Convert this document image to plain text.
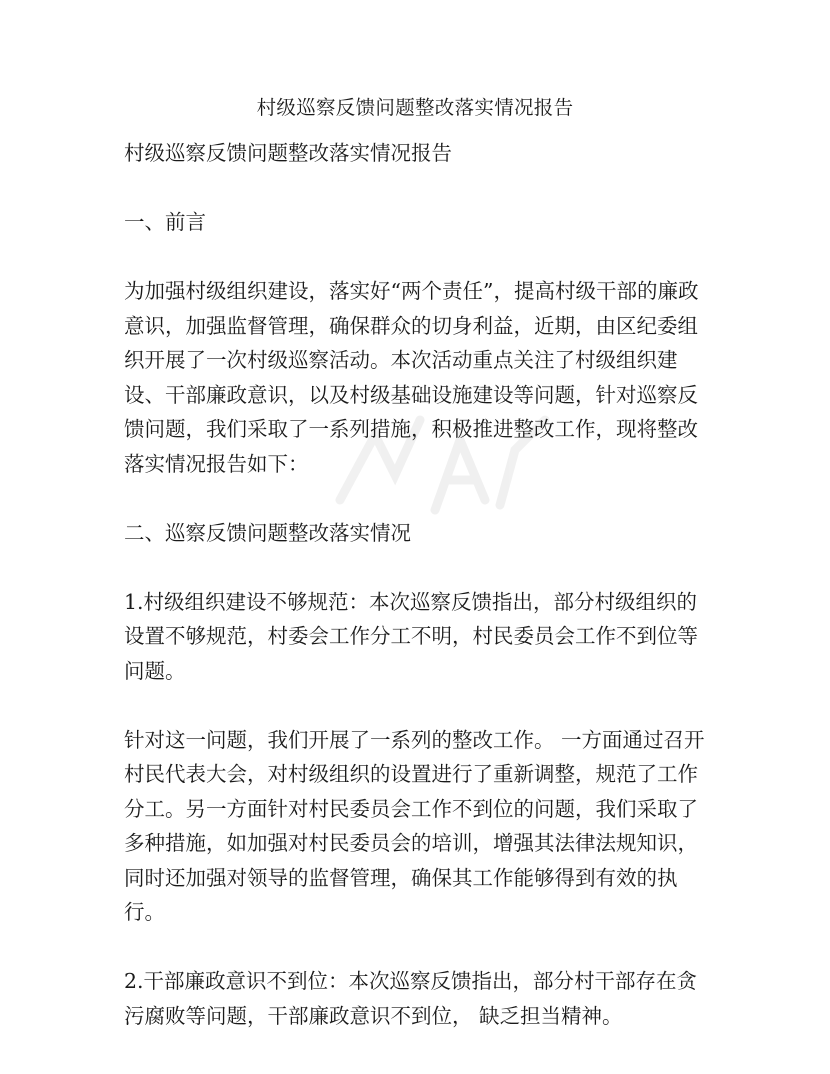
村级巡察反馈问题整改落实情况报告

村级巡察反馈问题整改落实情况报告

一、前言

为加强村级组织建设，落实好“两个责任”，提高村级干部的廉政意识，加强监督管理，确保群众的切身利益，近期，由区纪委组织开展了一次村级巡察活动。本次活动重点关注了村级组织建设、干部廉政意识，以及村级基础设施建设等问题，针对巡察反馈问题，我们采取了一系列措施，积极推进整改工作，现将整改落实情况报告如下：

二、巡察反馈问题整改落实情况

1.村级组织建设不够规范：本次巡察反馈指出，部分村级组织的设置不够规范，村委会工作分工不明，村民委员会工作不到位等问题。

针对这一问题，我们开展了一系列的整改工作。 一方面通过召开村民代表大会，对村级组织的设置进行了重新调整，规范了工作分工。另一方面针对村民委员会工作不到位的问题，我们采取了多种措施，如加强对村民委员会的培训，增强其法律法规知识， 同时还加强对领导的监督管理，确保其工作能够得到有效的执行。

2.干部廉政意识不到位：本次巡察反馈指出，部分村干部存在贪污腐败等问题，干部廉政意识不到位， 缺乏担当精神。
